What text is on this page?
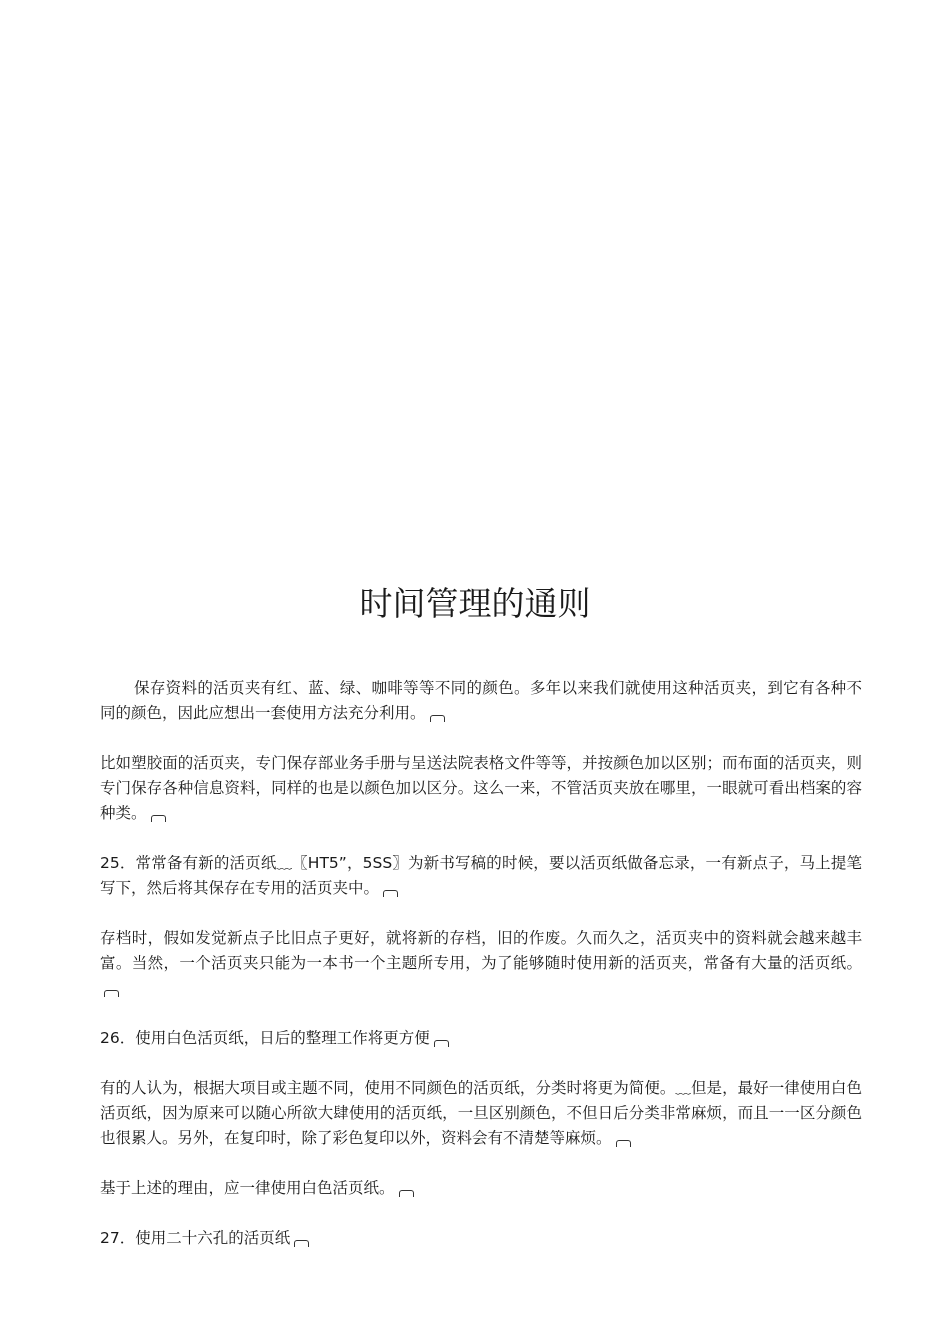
时间管理的通则

保存资料的活页夹有红、蓝、绿、咖啡等等不同的颜色。多年以来我们就使用这种活页夹，到它有各种不同的颜色，因此应想出一套使用方法充分利用。

比如塑胶面的活页夹，专门保存部业务手册与呈送法院表格文件等等，并按颜色加以区别；而布面的活页夹，则专门保存各种信息资料，同样的也是以颜色加以区分。这么一来，不管活页夹放在哪里，一眼就可看出档案的容种类。

25．常常备有新的活页纸﹏〖HT5”，5SS〗为新书写稿的时候，要以活页纸做备忘录，一有新点子，马上提笔写下，然后将其保存在专用的活页夹中。

存档时，假如发觉新点子比旧点子更好，就将新的存档，旧的作废。久而久之，活页夹中的资料就会越来越丰富。当然，一个活页夹只能为一本书一个主题所专用，为了能够随时使用新的活页夹，常备有大量的活页纸。

26．使用白色活页纸，日后的整理工作将更方便

有的人认为，根据大项目或主题不同，使用不同颜色的活页纸，分类时将更为简便。﹏但是，最好一律使用白色活页纸，因为原来可以随心所欲大肆使用的活页纸，一旦区别颜色，不但日后分类非常麻烦，而且一一区分颜色也很累人。另外，在复印时，除了彩色复印以外，资料会有不清楚等麻烦。

基于上述的理由，应一律使用白色活页纸。

27．使用二十六孔的活页纸
